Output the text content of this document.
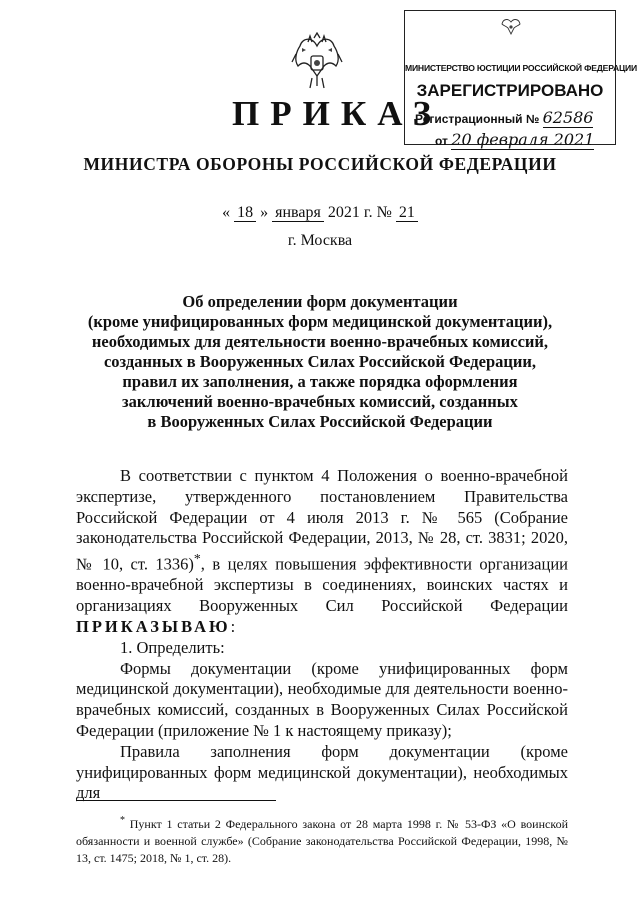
МИНИСТЕРСТВО ЮСТИЦИИ РОССИЙСКОЙ ФЕДЕРАЦИИ
ЗАРЕГИСТРИРОВАНО
Регистрационный № 62586
от 20 февраля 2021
ПРИКАЗ
МИНИСТРА ОБОРОНЫ РОССИЙСКОЙ ФЕДЕРАЦИИ
« 18 » января 2021 г. № 21
г. Москва
Об определении форм документации
(кроме унифицированных форм медицинской документации),
необходимых для деятельности военно-врачебных комиссий,
созданных в Вооруженных Силах Российской Федерации,
правил их заполнения, а также порядка оформления
заключений военно-врачебных комиссий, созданных
в Вооруженных Силах Российской Федерации

В соответствии с пунктом 4 Положения о военно-врачебной экспертизе, утвержденного постановлением Правительства Российской Федерации от 4 июля 2013 г. № 565 (Собрание законодательства Российской Федерации, 2013, № 28, ст. 3831; 2020, № 10, ст. 1336)*, в целях повышения эффективности организации военно-врачебной экспертизы в соединениях, воинских частях и организациях Вооруженных Сил Российской Федерации ПРИКАЗЫВАЮ:

1. Определить:

Формы документации (кроме унифицированных форм медицинской документации), необходимые для деятельности военно-врачебных комиссий, созданных в Вооруженных Силах Российской Федерации (приложение № 1 к настоящему приказу);

Правила заполнения форм документации (кроме унифицированных форм медицинской документации), необходимых для

* Пункт 1 статьи 2 Федерального закона от 28 марта 1998 г. № 53-ФЗ «О воинской обязанности и военной службе» (Собрание законодательства Российской Федерации, 1998, № 13, ст. 1475; 2018, № 1, ст. 28).
